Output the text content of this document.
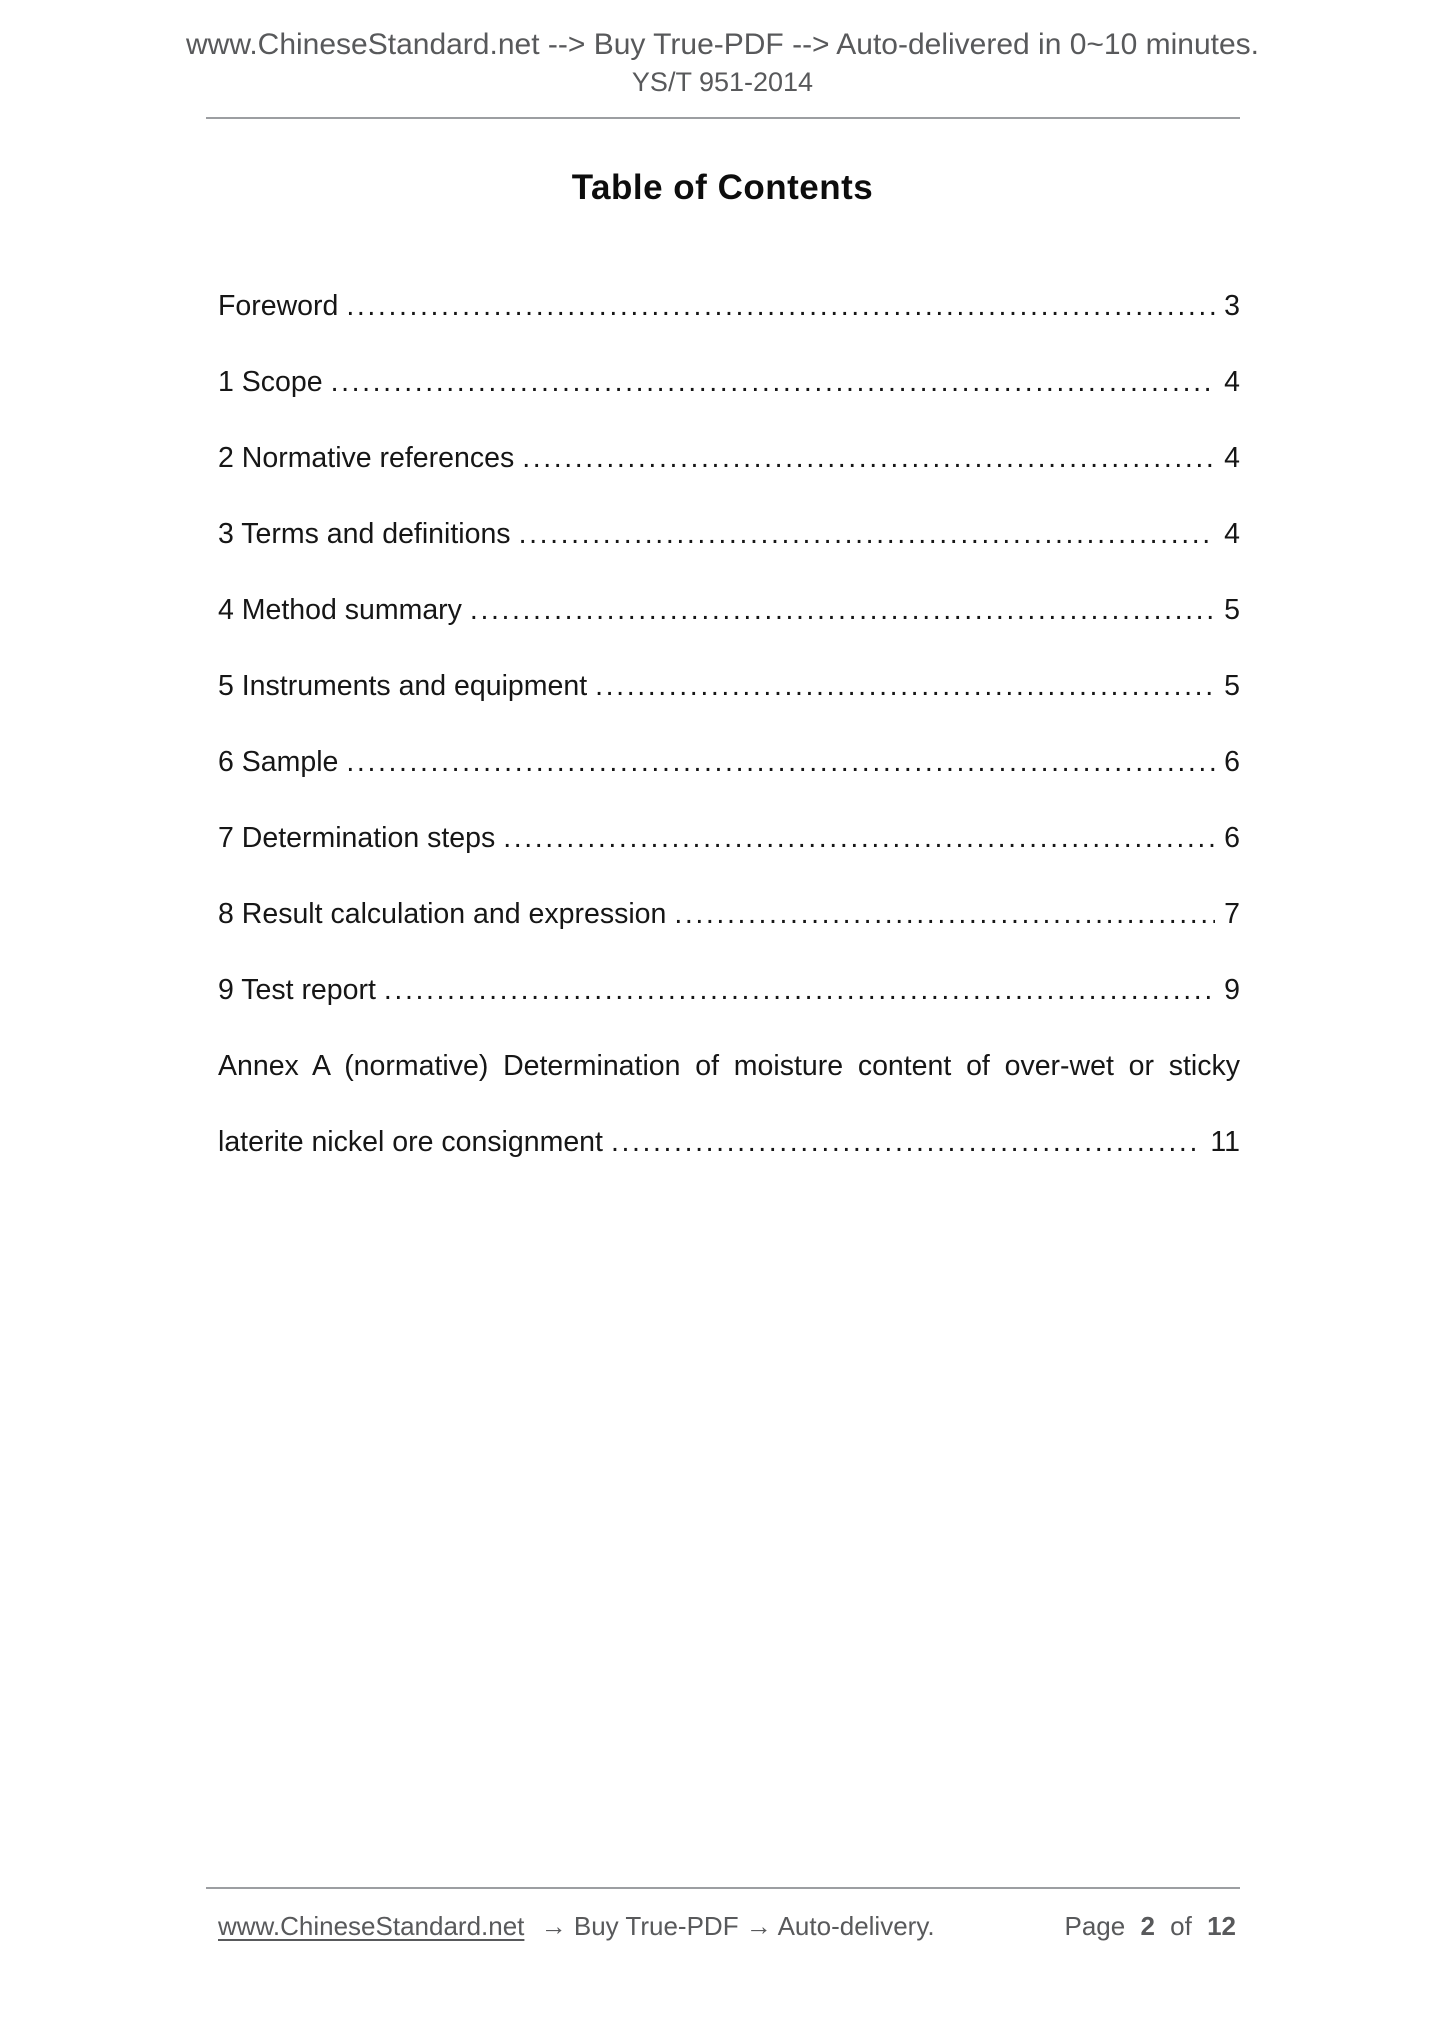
www.ChineseStandard.net --> Buy True-PDF --> Auto-delivered in 0~10 minutes.
YS/T 951-2014
Table of Contents
Foreword .....	3
1 Scope .....	4
2 Normative references .....	4
3 Terms and definitions .....	4
4 Method summary .....	5
5 Instruments and equipment .....	5
6 Sample .....	6
7 Determination steps .....	6
8 Result calculation and expression .....	7
9 Test report .....	9
Annex A (normative) Determination of moisture content of over-wet or sticky
laterite nickel ore consignment .....	11
www.ChineseStandard.net → Buy True-PDF → Auto-delivery.	Page 2 of 12
